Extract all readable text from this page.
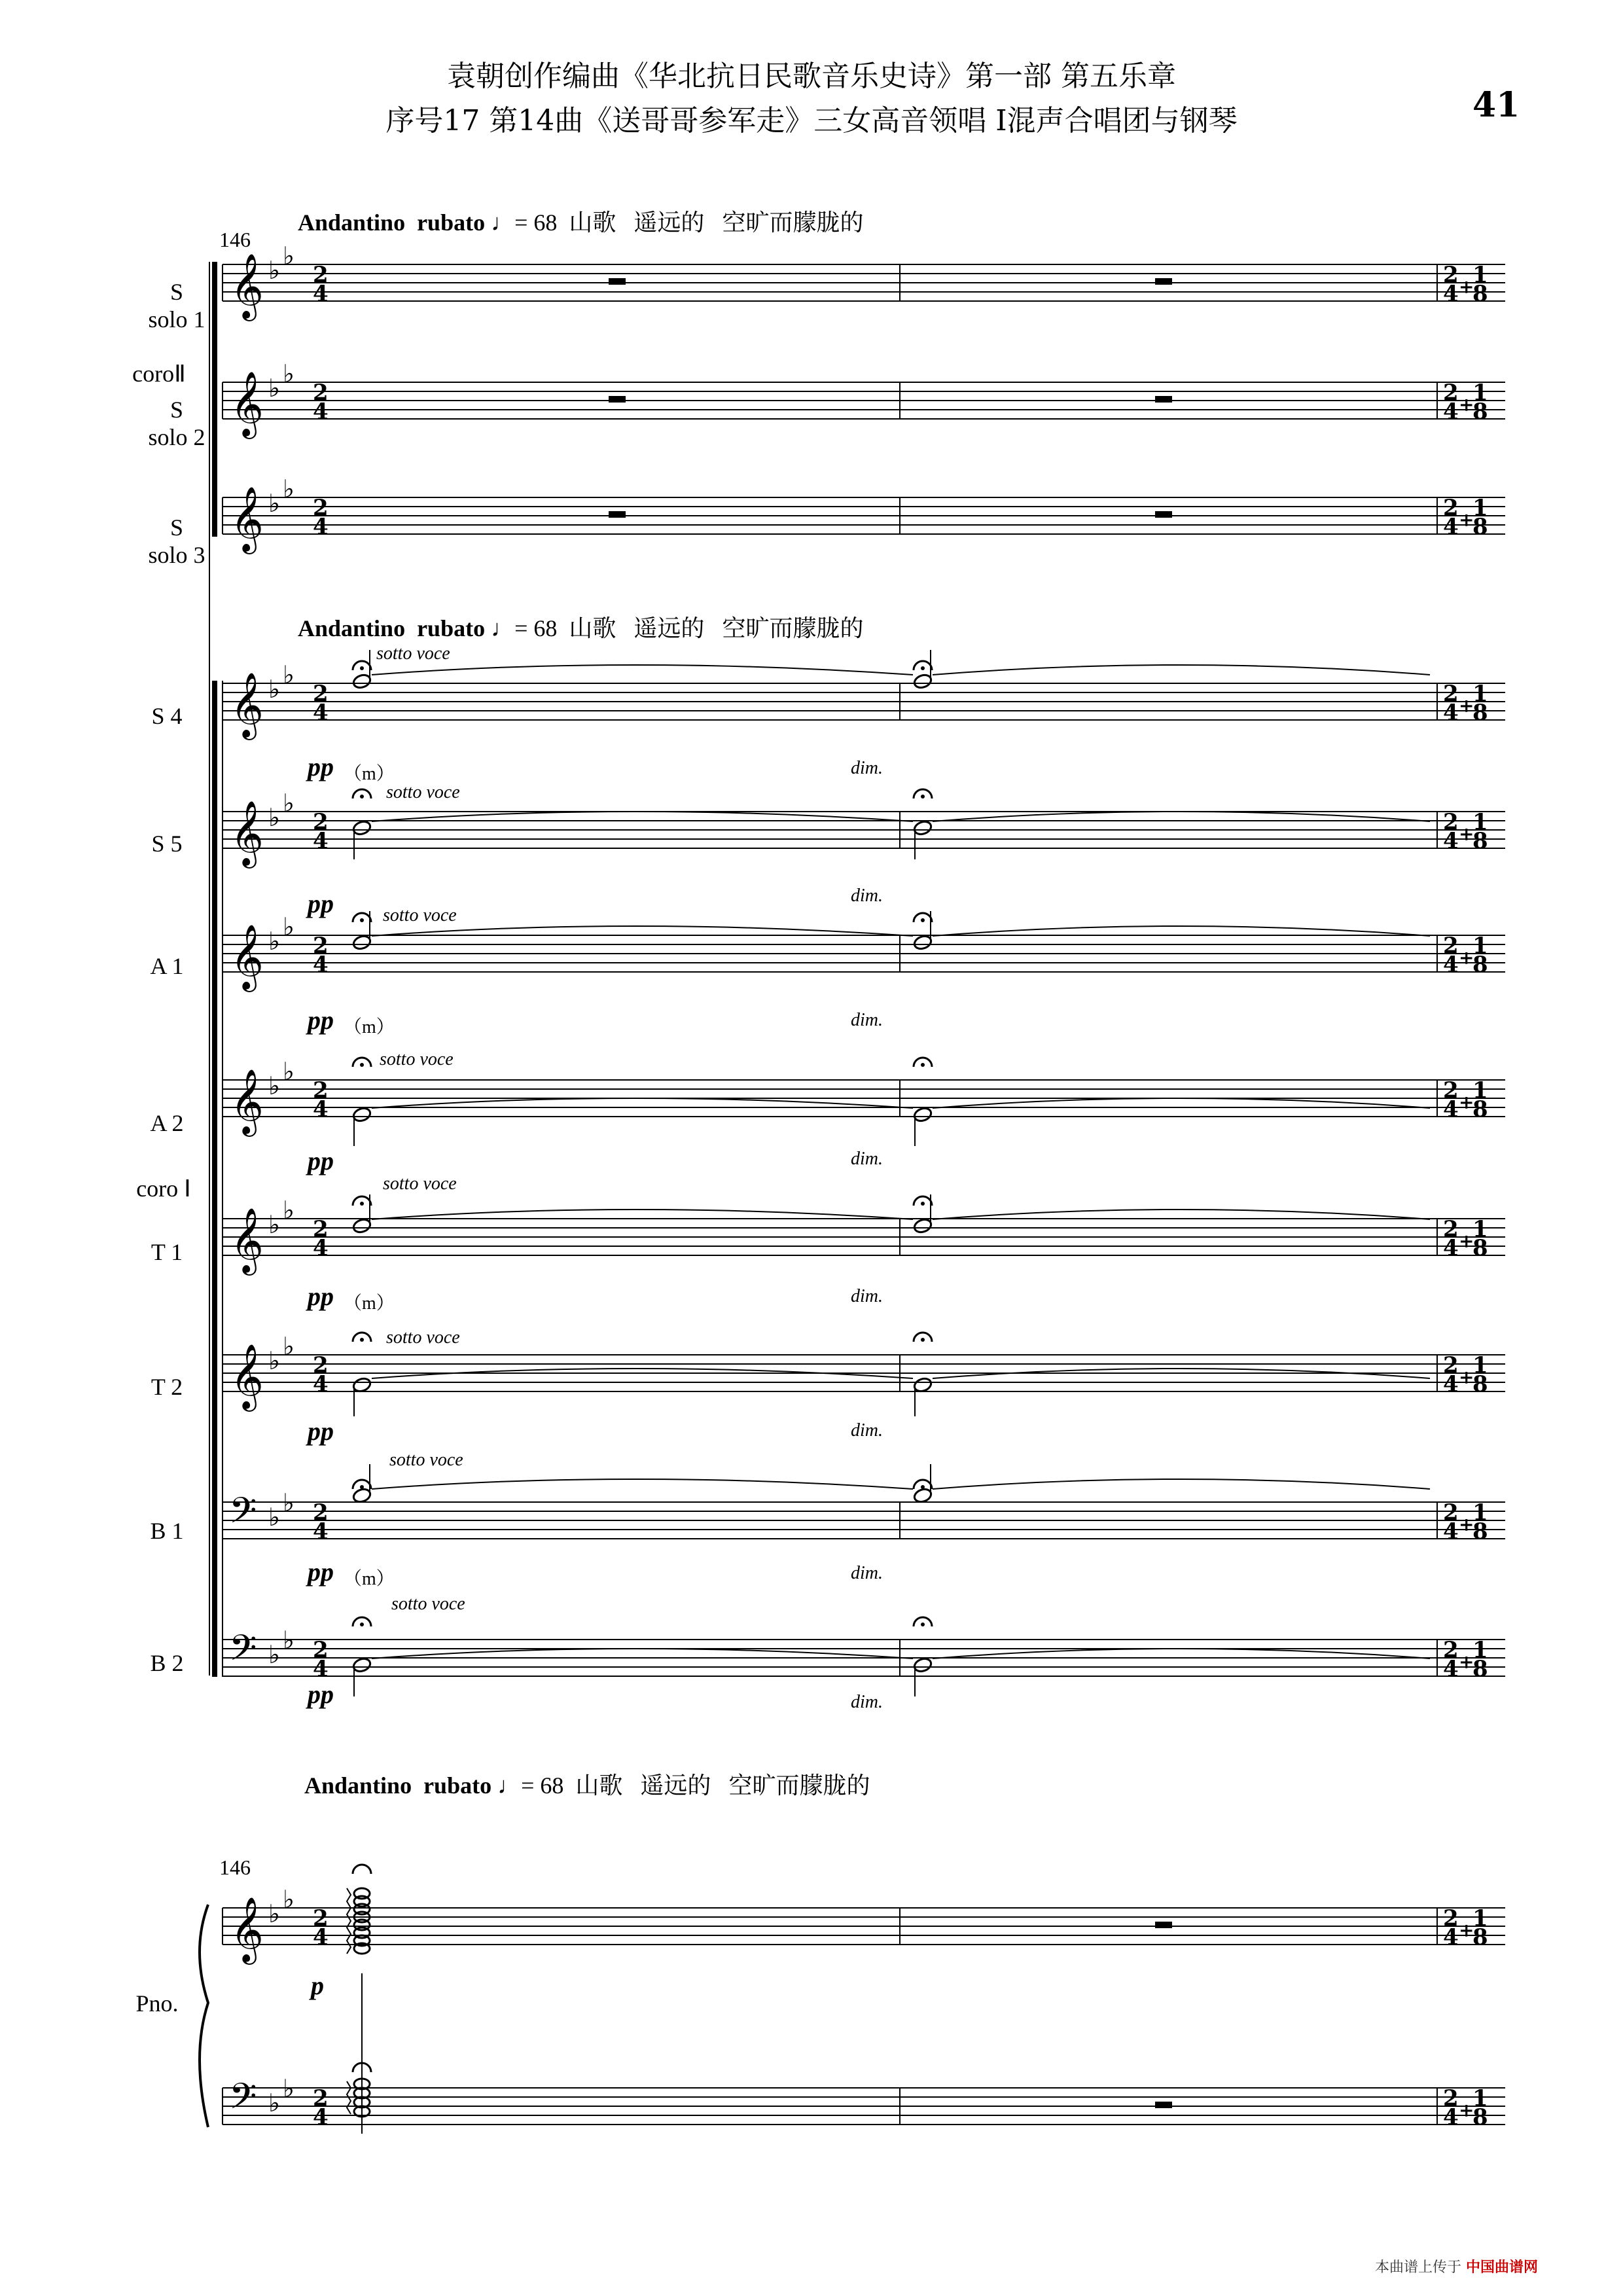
袁朝创作编曲《华北抗日民歌音乐史诗》第一部 第五乐章
序号17 第14曲《送哥哥参军走》三女高音领唱 Ⅰ混声合唱团与钢琴	41
Andantino rubato ♩= 68 山歌 遥远的 空旷而朦胧的
Andantino rubato ♩= 68 山歌 遥远的 空旷而朦胧的
Andantino rubato ♩= 68 山歌 遥远的 空旷而朦胧的
146
146
S
solo 1
coroⅡ
S
solo 2
S
solo 3
S 4
S 5
A 1
A 2
coro Ⅰ
T 1
T 2
B 1
B 2
Pno.
sotto voce
sotto voce
sotto voce
sotto voce
sotto voce
sotto voce
sotto voce
sotto voce
pp （m）
pp
pp （m）
pp
pp （m）
pp
pp （m）
pp
p
dim.
dim.
dim.
dim.
dim.
dim.
dim.
dim.
𝄞 ♭ ♭
2
4
2
4 +
1
8
𝄞 ♭ ♭
2
4
2
4 +
1
8
𝄞 ♭ ♭
2
4
2
4 +
1
8
𝄞 ♭ ♭
2
4
2
4 +
1
8
𝄞 ♭ ♭
2
4
2
4 +
1
8
𝄞 ♭ ♭
2
4
2
4 +
1
8
𝄞 ♭ ♭
2
4
2
4 +
1
8
𝄞 ♭ ♭
2
4
2
4 +
1
8
𝄞 ♭ ♭
2
4
2
4 +
1
8
𝄢 ♭ ♭ 2
4
2
4 +
1
8
𝄢 ♭ ♭ 2
4
2
4 +
1
8
𝄞 ♭ ♭
2
4
2
4 +
1
8
𝄢 ♭ ♭ 2
4
2
4 +
1
8
本曲谱上传于 中国曲谱网
